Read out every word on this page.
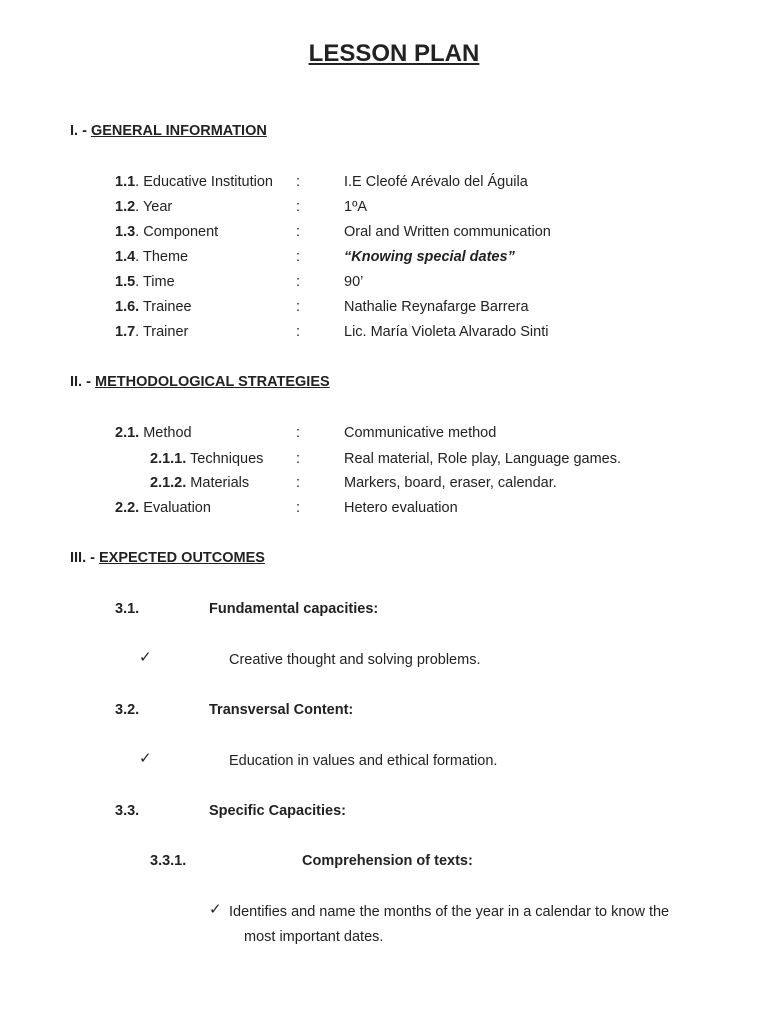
LESSON PLAN
I. - GENERAL INFORMATION
1.1. Educative Institution :	I.E Cleofé Arévalo del Águila
1.2. Year	:	1ºA
1.3. Component	:	Oral and Written communication
1.4. Theme	:	“Knowing special dates”
1.5. Time	:	90’
1.6. Trainee	:	Nathalie Reynafarge Barrera
1.7. Trainer	:	Lic. María Violeta Alvarado Sinti
II. - METHODOLOGICAL STRATEGIES
2.1. Method	:	Communicative method
2.1.1. Techniques :	Real material, Role play, Language games.
2.1.2. Materials	:	Markers, board, eraser, calendar.
2.2. Evaluation	:	Hetero evaluation
III. - EXPECTED OUTCOMES
3.1.	Fundamental capacities:
✓	Creative thought and solving problems.
3.2.	Transversal Content:
✓	Education in values and ethical formation.
3.3.	Specific Capacities:
3.3.1.	Comprehension of texts:
✓ Identifies and name the months of the year in a calendar to know the
most important dates.
